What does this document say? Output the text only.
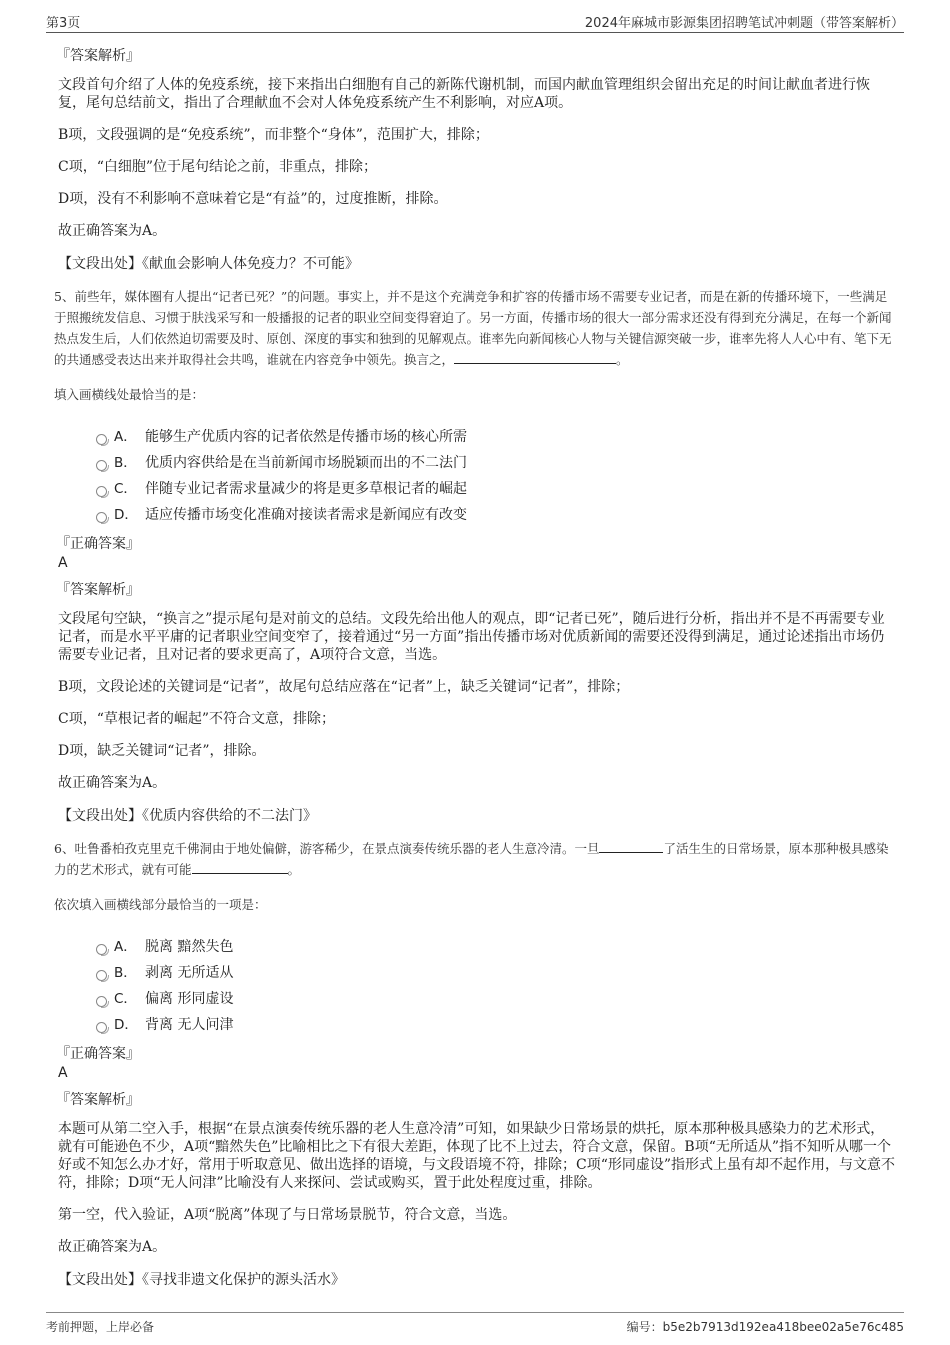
第3页	2024年麻城市影源集团招聘笔试冲刺题（带答案解析）
『答案解析』
文段首句介绍了人体的免疫系统，接下来指出白细胞有自己的新陈代谢机制，而国内献血管理组织会留出充足的时间让献血者进行恢复，尾句总结前文，指出了合理献血不会对人体免疫系统产生不利影响，对应A项。
B项，文段强调的是“免疫系统”，而非整个“身体”，范围扩大，排除；
C项，“白细胞”位于尾句结论之前，非重点，排除；
D项，没有不利影响不意味着它是“有益”的，过度推断，排除。
故正确答案为A。
【文段出处】《献血会影响人体免疫力？不可能》
5、前些年，媒体圈有人提出“记者已死？”的问题。事实上，并不是这个充满竞争和扩容的传播市场不需要专业记者，而是在新的传播环境下，一些满足于照搬统发信息、习惯于肤浅采写和一般播报的记者的职业空间变得窘迫了。另一方面，传播市场的很大一部分需求还没有得到充分满足，在每一个新闻热点发生后，人们依然迫切需要及时、原创、深度的事实和独到的见解观点。谁率先向新闻核心人物与关键信源突破一步，谁率先将人人心中有、笔下无的共通感受表达出来并取得社会共鸣，谁就在内容竞争中领先。换言之，	。
填入画横线处最恰当的是：
A． 能够生产优质内容的记者依然是传播市场的核心所需
B． 优质内容供给是在当前新闻市场脱颖而出的不二法门
C． 伴随专业记者需求量减少的将是更多草根记者的崛起
D． 适应传播市场变化准确对接读者需求是新闻应有改变
『正确答案』
A
『答案解析』
文段尾句空缺，“换言之”提示尾句是对前文的总结。文段先给出他人的观点，即“记者已死”，随后进行分析，指出并不是不再需要专业记者，而是水平平庸的记者职业空间变窄了，接着通过“另一方面”指出传播市场对优质新闻的需要还没得到满足，通过论述指出市场仍需要专业记者，且对记者的要求更高了，A项符合文意，当选。
B项，文段论述的关键词是“记者”，故尾句总结应落在“记者”上，缺乏关键词“记者”，排除；
C项，“草根记者的崛起”不符合文意，排除；
D项，缺乏关键词“记者”，排除。
故正确答案为A。
【文段出处】《优质内容供给的不二法门》
6、吐鲁番柏孜克里克千佛洞由于地处偏僻，游客稀少，在景点演奏传统乐器的老人生意冷清。一旦	了活生生的日常场景，原本那种极具感染力的艺术形式，就有可能	。
依次填入画横线部分最恰当的一项是：
A． 脱离 黯然失色
B． 剥离 无所适从
C． 偏离 形同虚设
D． 背离 无人问津
『正确答案』
A
『答案解析』
本题可从第二空入手，根据“在景点演奏传统乐器的老人生意冷清”可知，如果缺少日常场景的烘托，原本那种极具感染力的艺术形式，就有可能逊色不少，A项“黯然失色”比喻相比之下有很大差距，体现了比不上过去，符合文意，保留。B项“无所适从”指不知听从哪一个好或不知怎么办才好，常用于听取意见、做出选择的语境，与文段语境不符，排除；C项“形同虚设”指形式上虽有却不起作用，与文意不符，排除；D项“无人问津”比喻没有人来探问、尝试或购买，置于此处程度过重，排除。
第一空，代入验证，A项“脱离”体现了与日常场景脱节，符合文意，当选。
故正确答案为A。
【文段出处】《寻找非遗文化保护的源头活水》
考前押题，上岸必备	编号：b5e2b7913d192ea418bee02a5e76c485
